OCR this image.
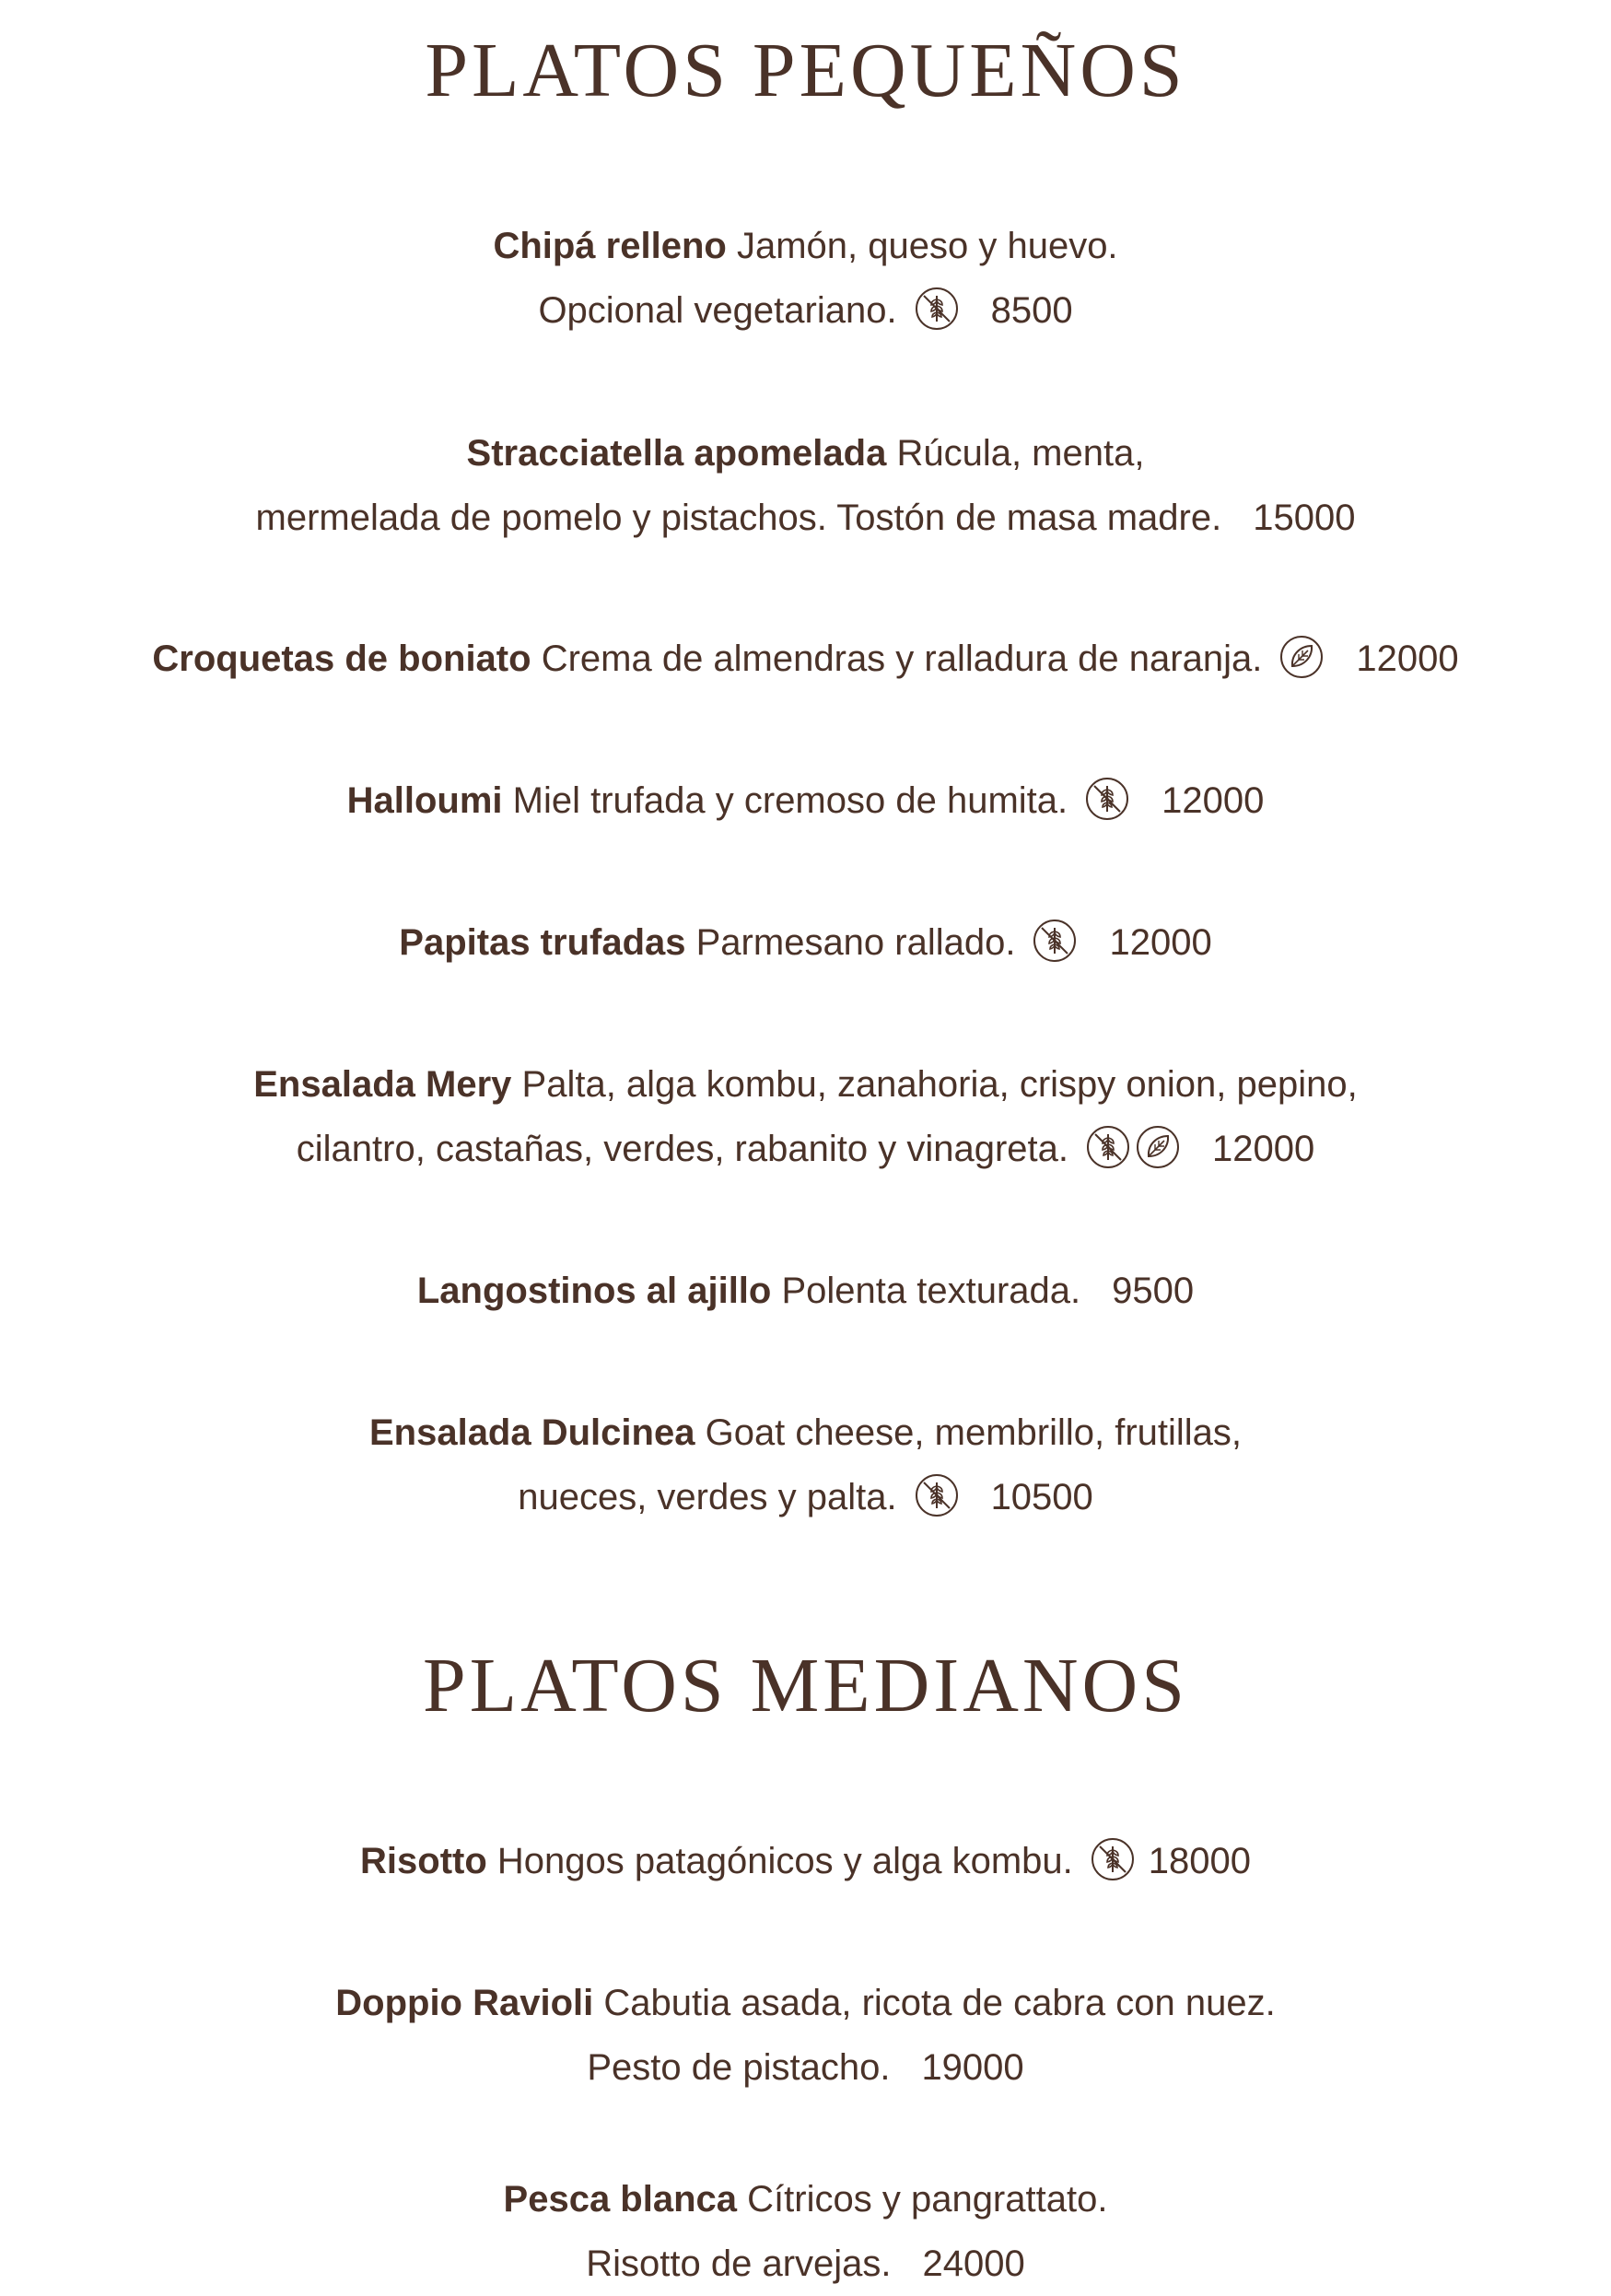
PLATOS PEQUEÑOS
Chipá relleno Jamón, queso y huevo.
Opcional vegetariano.	8500
Stracciatella apomelada Rúcula, menta,
mermelada de pomelo y pistachos. Tostón de masa madre. 15000
Croquetas de boniato Crema de almendras y ralladura de naranja.	12000
Halloumi Miel trufada y cremoso de humita.	12000
Papitas trufadas Parmesano rallado.	12000
Ensalada Mery Palta, alga kombu, zanahoria, crispy onion, pepino,
cilantro, castañas, verdes, rabanito y vinagreta.	12000
Langostinos al ajillo Polenta texturada. 9500
Ensalada Dulcinea Goat cheese, membrillo, frutillas,
nueces, verdes y palta.	10500
PLATOS MEDIANOS
Risotto Hongos patagónicos y alga kombu. 18000
Doppio Ravioli Cabutia asada, ricota de cabra con nuez.
Pesto de pistacho. 19000
Pesca blanca Cítricos y pangrattato.
Risotto de arvejas. 24000
